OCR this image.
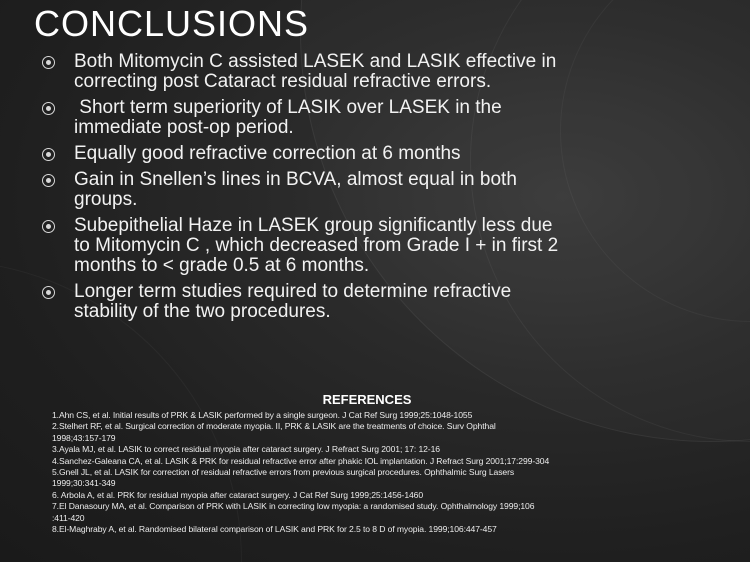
CONCLUSIONS
Both Mitomycin C assisted LASEK and LASIK effective in
correcting post Cataract residual refractive errors.
Short term superiority of LASIK over LASEK in the
immediate post-op period.
Equally good refractive correction at 6 months
Gain in Snellen’s lines in BCVA, almost equal in both
groups.
Subepithelial Haze in LASEK group significantly less due
to Mitomycin C , which decreased from Grade I + in first 2
months to < grade 0.5 at 6 months.
Longer term studies required to determine refractive
stability of the two procedures.
REFERENCES
1.Ahn CS, et al. Initial results of PRK & LASIK performed by a single surgeon. J Cat Ref Surg 1999;25:1048-1055
2.Stelhert RF, et al. Surgical correction of moderate myopia. II, PRK & LASIK are the treatments of choice. Surv Ophthal
1998;43:157-179
3.Ayala MJ, et al. LASIK to correct residual myopia after cataract surgery. J Refract Surg 2001; 17: 12-16
4.Sanchez-Galeana CA, et al. LASIK & PRK for residual refractive error after phakic IOL implantation. J Refract Surg 2001;17:299-304
5.Gnell JL, et al. LASIK for correction of residual refractive errors from previous surgical procedures. Ophthalmic Surg Lasers
1999;30:341-349
6. Arbola A, et al. PRK for residual myopia after cataract surgery. J Cat Ref Surg 1999;25:1456-1460
7.El Danasoury MA, et al. Comparison of PRK with LASIK in correcting low myopia: a randomised study. Ophthalmology 1999;106
:411-420
8.El-Maghraby A, et al. Randomised bilateral comparison of LASIK and PRK for 2.5 to 8 D of myopia. 1999;106:447-457
